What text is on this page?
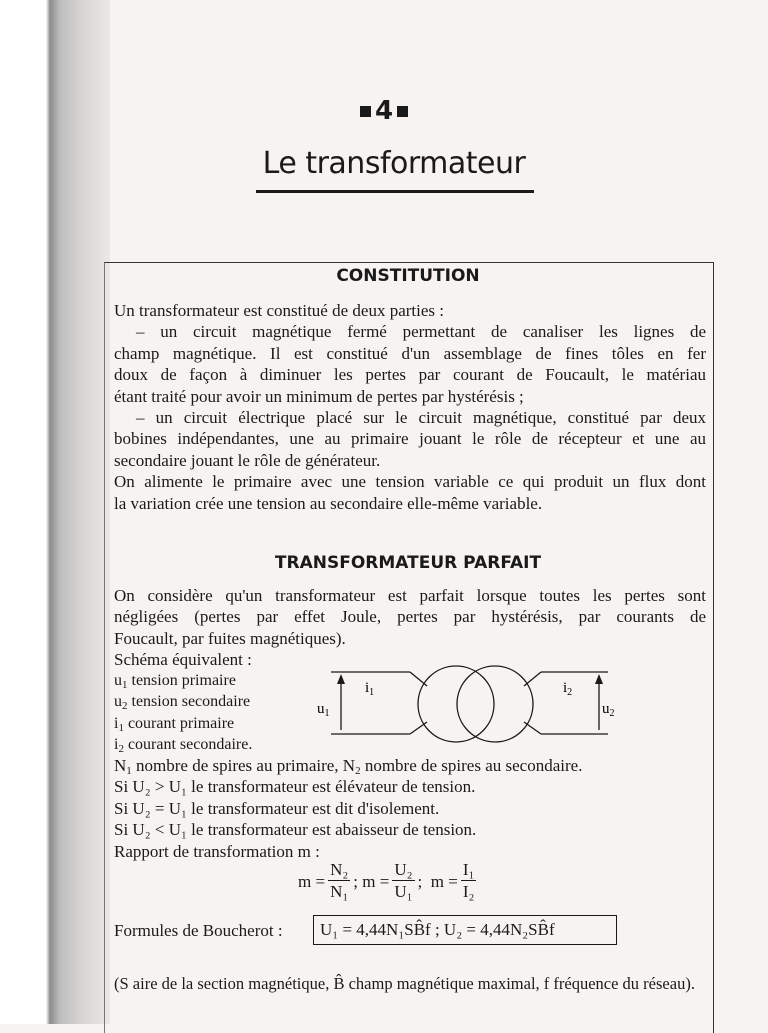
4
Le transformateur
CONSTITUTION
Un transformateur est constitué de deux parties :
– un circuit magnétique fermé permettant de canaliser les lignes de
champ magnétique. Il est constitué d'un assemblage de fines tôles en fer
doux de façon à diminuer les pertes par courant de Foucault, le matériau
étant traité pour avoir un minimum de pertes par hystérésis ;
– un circuit électrique placé sur le circuit magnétique, constitué par deux
bobines indépendantes, une au primaire jouant le rôle de récepteur et une au
secondaire jouant le rôle de générateur.
On alimente le primaire avec une tension variable ce qui produit un flux dont
la variation crée une tension au secondaire elle-même variable.
TRANSFORMATEUR PARFAIT
On considère qu'un transformateur est parfait lorsque toutes les pertes sont
négligées (pertes par effet Joule, pertes par hystérésis, par courants de
Foucault, par fuites magnétiques).
Schéma équivalent :
$u_1$ tension primaire
$u_2$ tension secondaire
$i_1$ courant primaire
$i_2$ courant secondaire.
$u_1$
$i_1$	$i_2$
$u_2$
$N_1$ nombre de spires au primaire, $N_2$ nombre de spires au secondaire.
Si U₂ > U₁ le transformateur est élévateur de tension.
Si U₂ = U₁ le transformateur est dit d'isolement.
Si U₂ < U₁ le transformateur est abaisseur de tension.
Rapport de transformation m :
$m = \frac{\text{N₂}}{\text{N₁}}$ ; $m = \frac{\text{U₂}}{\text{U₁}}$ ;  $m = \frac{\text{I₁}}{\text{I₂}}$
Formules de Boucherot :	U₁ = 4,44N₁SB̂f ; U₂ = 4,44N₂SB̂f
(S aire de la section magnétique, B̂ champ magnétique maximal, f fréquence du réseau).
